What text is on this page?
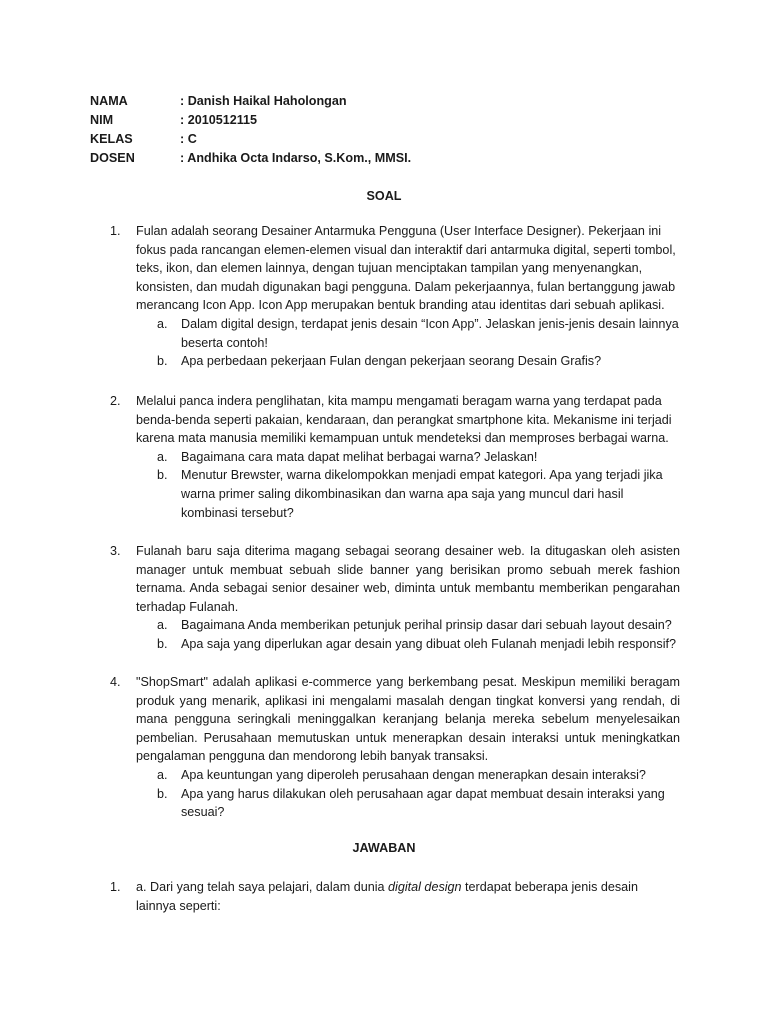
NAMA	: Danish Haikal Haholongan
NIM	: 2010512115
KELAS	: C
DOSEN	: Andhika Octa Indarso, S.Kom., MMSI.
SOAL
1. Fulan adalah seorang Desainer Antarmuka Pengguna (User Interface Designer). Pekerjaan ini fokus pada rancangan elemen-elemen visual dan interaktif dari antarmuka digital, seperti tombol, teks, ikon, dan elemen lainnya, dengan tujuan menciptakan tampilan yang menyenangkan, konsisten, dan mudah digunakan bagi pengguna. Dalam pekerjaannya, fulan bertanggung jawab merancang Icon App. Icon App merupakan bentuk branding atau identitas dari sebuah aplikasi.
a. Dalam digital design, terdapat jenis desain “Icon App”. Jelaskan jenis-jenis desain lainnya beserta contoh!
b. Apa perbedaan pekerjaan Fulan dengan pekerjaan seorang Desain Grafis?
2. Melalui panca indera penglihatan, kita mampu mengamati beragam warna yang terdapat pada benda-benda seperti pakaian, kendaraan, dan perangkat smartphone kita. Mekanisme ini terjadi karena mata manusia memiliki kemampuan untuk mendeteksi dan memproses berbagai warna.
a. Bagaimana cara mata dapat melihat berbagai warna? Jelaskan!
b. Menutur Brewster, warna dikelompokkan menjadi empat kategori. Apa yang terjadi jika warna primer saling dikombinasikan dan warna apa saja yang muncul dari hasil kombinasi tersebut?
3. Fulanah baru saja diterima magang sebagai seorang desainer web. Ia ditugaskan oleh asisten manager untuk membuat sebuah slide banner yang berisikan promo sebuah merek fashion ternama. Anda sebagai senior desainer web, diminta untuk membantu memberikan pengarahan terhadap Fulanah.
a. Bagaimana Anda memberikan petunjuk perihal prinsip dasar dari sebuah layout desain?
b. Apa saja yang diperlukan agar desain yang dibuat oleh Fulanah menjadi lebih responsif?
4. "ShopSmart" adalah aplikasi e-commerce yang berkembang pesat. Meskipun memiliki beragam produk yang menarik, aplikasi ini mengalami masalah dengan tingkat konversi yang rendah, di mana pengguna seringkali meninggalkan keranjang belanja mereka sebelum menyelesaikan pembelian. Perusahaan memutuskan untuk menerapkan desain interaksi untuk meningkatkan pengalaman pengguna dan mendorong lebih banyak transaksi.
a. Apa keuntungan yang diperoleh perusahaan dengan menerapkan desain interaksi?
b. Apa yang harus dilakukan oleh perusahaan agar dapat membuat desain interaksi yang sesuai?
JAWABAN
1. a. Dari yang telah saya pelajari, dalam dunia digital design terdapat beberapa jenis desain lainnya seperti:
